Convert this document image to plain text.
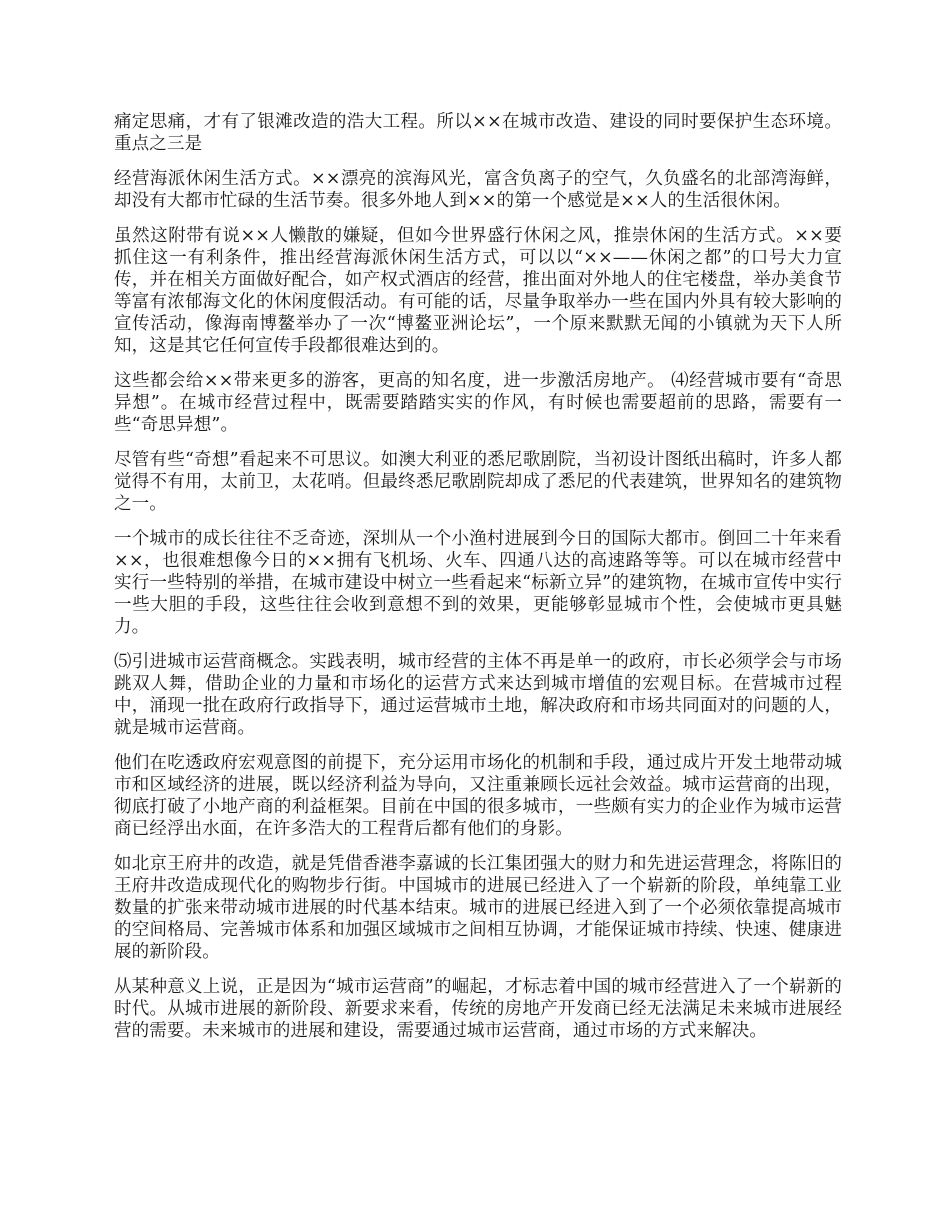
痛定思痛，才有了银滩改造的浩大工程。所以××在城市改造、建设的同时要保护生态环境。 重点之三是

经营海派休闲生活方式。××漂亮的滨海风光，富含负离子的空气，久负盛名的北部湾海鲜，却没有大都市忙碌的生活节奏。很多外地人到××的第一个感觉是××人的生活很休闲。

虽然这附带有说××人懒散的嫌疑，但如今世界盛行休闲之风，推崇休闲的生活方式。××要抓住这一有利条件，推出经营海派休闲生活方式，可以以“××——休闲之都”的口号大力宣传，并在相关方面做好配合，如产权式酒店的经营，推出面对外地人的住宅楼盘，举办美食节等富有浓郁海文化的休闲度假活动。有可能的话，尽量争取举办一些在国内外具有较大影响的宣传活动，像海南博鳌举办了一次“博鳌亚洲论坛”，一个原来默默无闻的小镇就为天下人所知，这是其它任何宣传手段都很难达到的。

这些都会给××带来更多的游客，更高的知名度，进一步激活房地产。 ⑷经营城市要有“奇思异想”。在城市经营过程中，既需要踏踏实实的作风，有时候也需要超前的思路，需要有一些“奇思异想”。

尽管有些“奇想”看起来不可思议。如澳大利亚的悉尼歌剧院，当初设计图纸出稿时，许多人都觉得不有用，太前卫，太花哨。但最终悉尼歌剧院却成了悉尼的代表建筑，世界知名的建筑物之一。

一个城市的成长往往不乏奇迹，深圳从一个小渔村进展到今日的国际大都市。倒回二十年来看××，也很难想像今日的××拥有飞机场、火车、四通八达的高速路等等。可以在城市经营中实行一些特别的举措，在城市建设中树立一些看起来“标新立异”的建筑物，在城市宣传中实行一些大胆的手段，这些往往会收到意想不到的效果，更能够彰显城市个性，会使城市更具魅力。

⑸引进城市运营商概念。实践表明，城市经营的主体不再是单一的政府，市长必须学会与市场跳双人舞，借助企业的力量和市场化的运营方式来达到城市增值的宏观目标。在营城市过程中，涌现一批在政府行政指导下，通过运营城市土地，解决政府和市场共同面对的问题的人，就是城市运营商。

他们在吃透政府宏观意图的前提下，充分运用市场化的机制和手段，通过成片开发土地带动城市和区域经济的进展，既以经济利益为导向，又注重兼顾长远社会效益。城市运营商的出现，彻底打破了小地产商的利益框架。目前在中国的很多城市，一些颇有实力的企业作为城市运营商已经浮出水面，在许多浩大的工程背后都有他们的身影。

如北京王府井的改造，就是凭借香港李嘉诚的长江集团强大的财力和先进运营理念，将陈旧的王府井改造成现代化的购物步行街。中国城市的进展已经进入了一个崭新的阶段，单纯靠工业数量的扩张来带动城市进展的时代基本结束。城市的进展已经进入到了一个必须依靠提高城市的空间格局、完善城市体系和加强区域城市之间相互协调，才能保证城市持续、快速、健康进展的新阶段。

从某种意义上说，正是因为“城市运营商”的崛起，才标志着中国的城市经营进入了一个崭新的时代。从城市进展的新阶段、新要求来看，传统的房地产开发商已经无法满足未来城市进展经营的需要。未来城市的进展和建设，需要通过城市运营商，通过市场的方式来解决。
